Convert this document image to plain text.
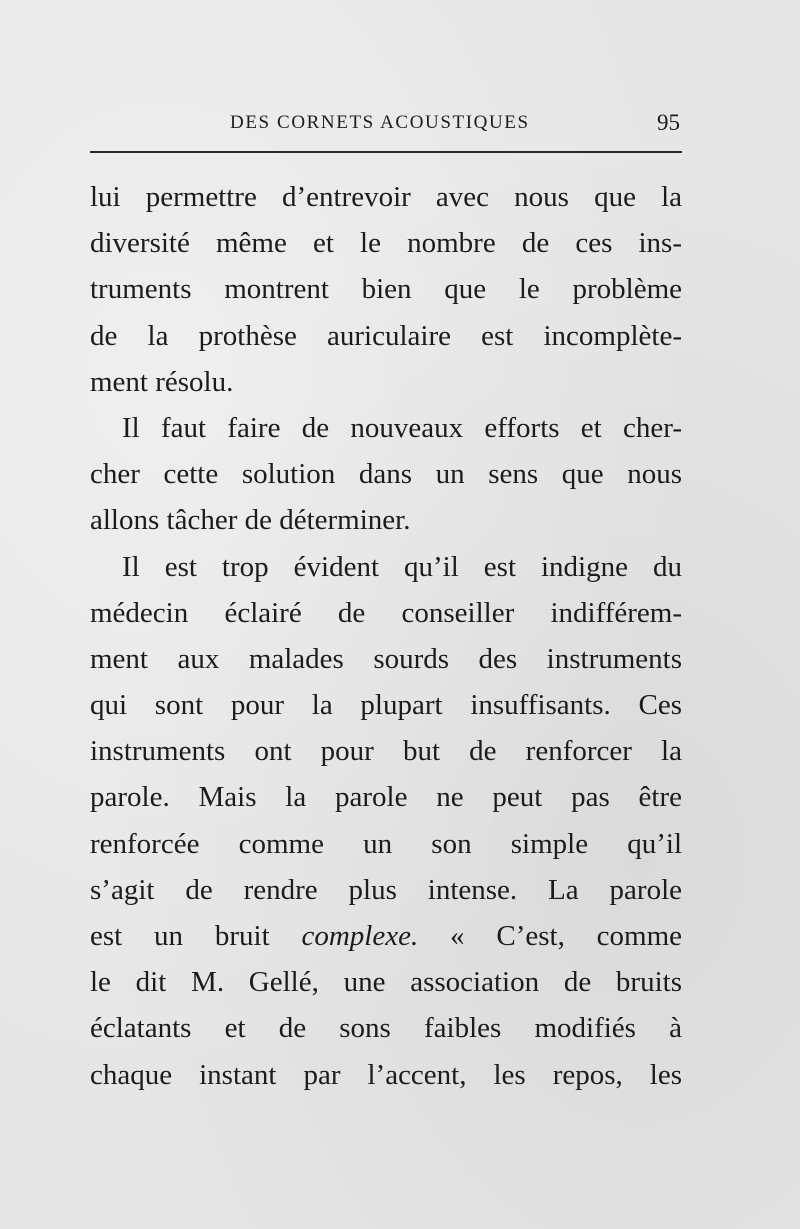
DES CORNETS ACOUSTIQUES	95
lui permettre d’entrevoir avec nous que la
diversité même et le nombre de ces ins-
truments montrent bien que le problème
de la prothèse auriculaire est incomplète-
ment résolu.
Il faut faire de nouveaux efforts et cher-
cher cette solution dans un sens que nous
allons tâcher de déterminer.
Il est trop évident qu’il est indigne du
médecin éclairé de conseiller indifférem-
ment aux malades sourds des instruments
qui sont pour la plupart insuffisants. Ces
instruments ont pour but de renforcer la
parole. Mais la parole ne peut pas être
renforcée comme un son simple qu’il
s’agit de rendre plus intense. La parole
est un bruit complexe. « C’est, comme
le dit M. Gellé, une association de bruits
éclatants et de sons faibles modifiés à
chaque instant par l’accent, les repos, les
